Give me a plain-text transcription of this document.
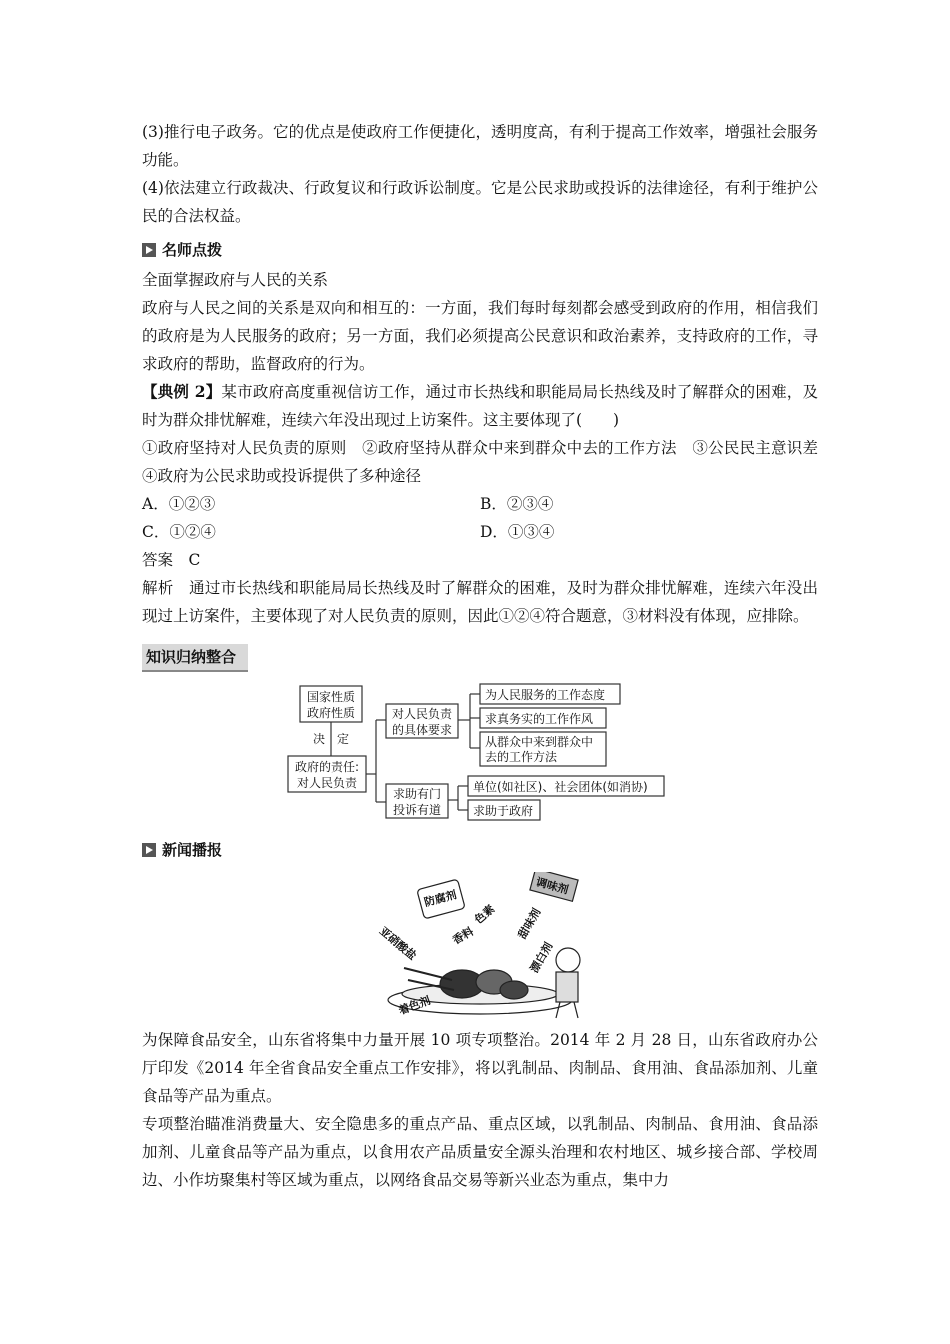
(3)推行电子政务。它的优点是使政府工作便捷化，透明度高，有利于提高工作效率，增强社会服务功能。

(4)依法建立行政裁决、行政复议和行政诉讼制度。它是公民求助或投诉的法律途径，有利于维护公民的合法权益。

名师点拨

全面掌握政府与人民的关系

政府与人民之间的关系是双向和相互的：一方面，我们每时每刻都会感受到政府的作用，相信我们的政府是为人民服务的政府；另一方面，我们必须提高公民意识和政治素养，支持政府的工作，寻求政府的帮助，监督政府的行为。

【典例 2】某市政府高度重视信访工作，通过市长热线和职能局局长热线及时了解群众的困难，及时为群众排忧解难，连续六年没出现过上访案件。这主要体现了(　　)

①政府坚持对人民负责的原则　②政府坚持从群众中来到群众中去的工作方法　③公民民主意识差　④政府为公民求助或投诉提供了多种途径

A．①②③	B．②③④
C．①②④	D．①③④

答案　C

解析　通过市长热线和职能局局长热线及时了解群众的困难，及时为群众排忧解难，连续六年没出现过上访案件，主要体现了对人民负责的原则，因此①②④符合题意，③材料没有体现，应排除。

知识归纳整合
国家性质
政府性质
决　定
政府的责任:
对人民负责
对人民负责
的具体要求
为人民服务的工作态度
求真务实的工作作风
从群众中来到群众中
去的工作方法
求助有门
投诉有道
单位(如社区)、社会团体(如消协)
求助于政府
新闻播报
防腐剂
调味剂
色素
香料	甜味剂
亚硝酸盐	漂白剂
着色剂

为保障食品安全，山东省将集中力量开展 10 项专项整治。2014 年 2 月 28 日，山东省政府办公厅印发《2014 年全省食品安全重点工作安排》，将以乳制品、肉制品、食用油、食品添加剂、儿童食品等产品为重点。

专项整治瞄准消费量大、安全隐患多的重点产品、重点区域，以乳制品、肉制品、食用油、食品添加剂、儿童食品等产品为重点，以食用农产品质量安全源头治理和农村地区、城乡接合部、学校周边、小作坊聚集村等区域为重点，以网络食品交易等新兴业态为重点，集中力
